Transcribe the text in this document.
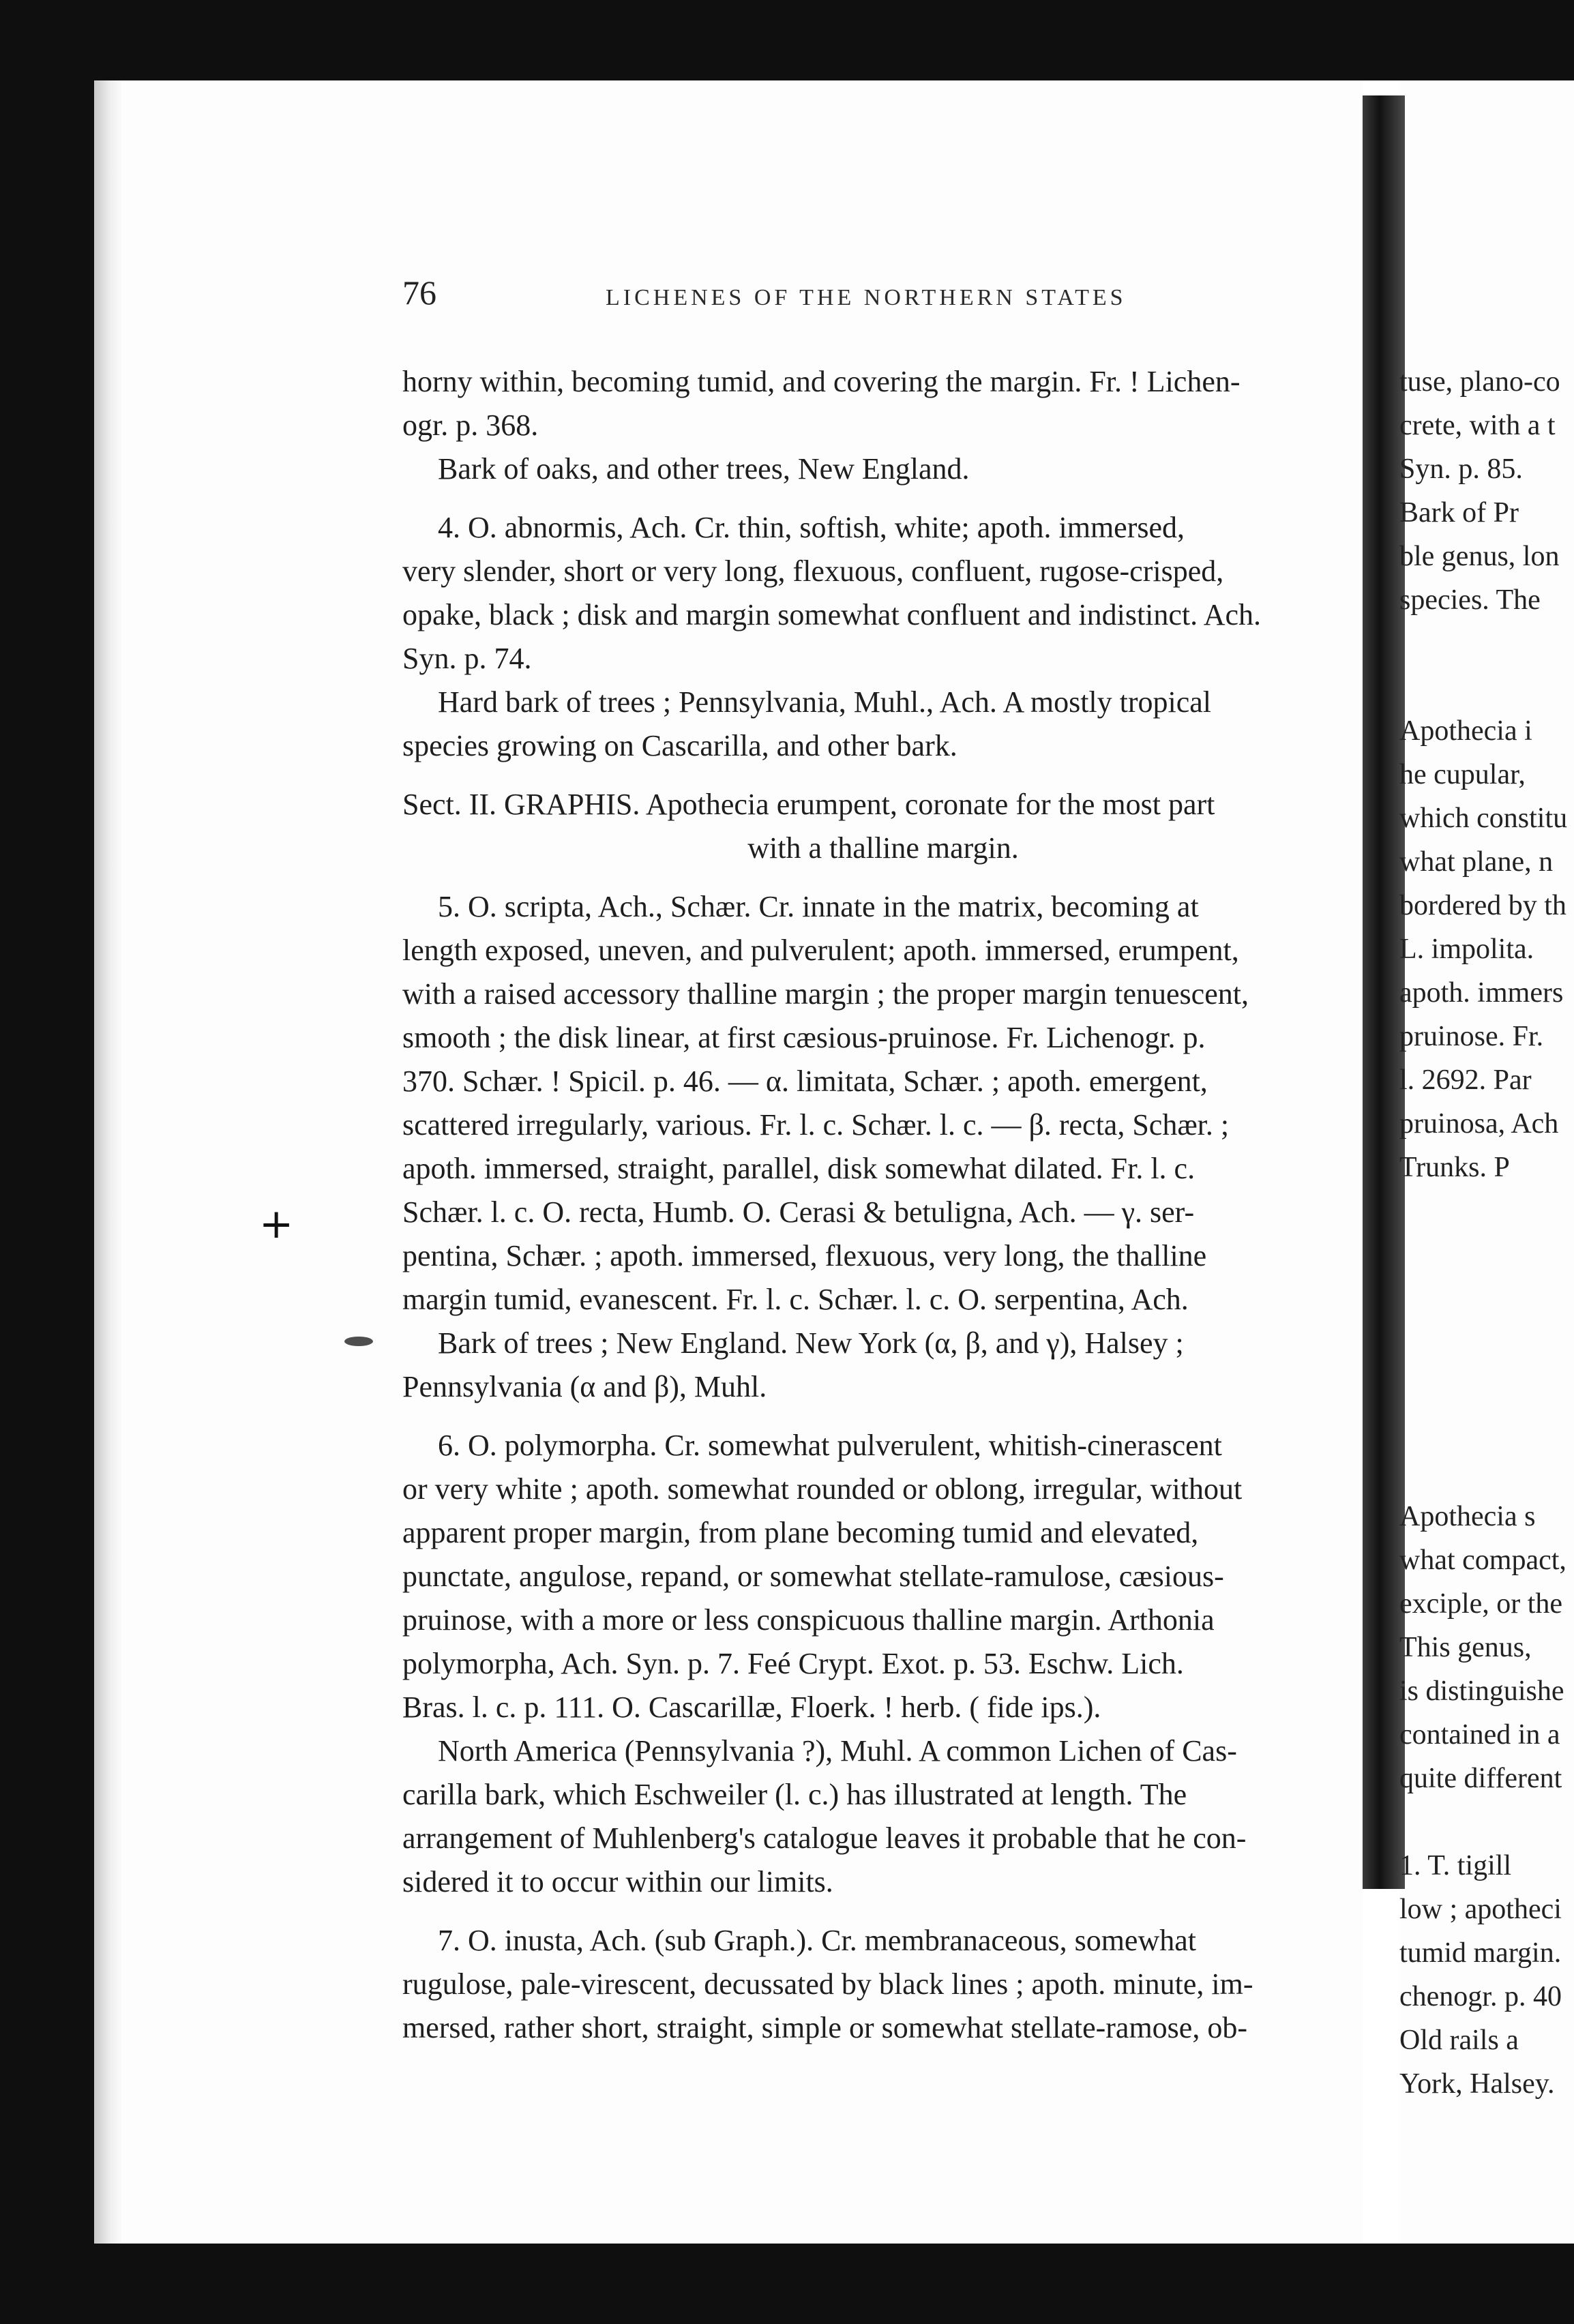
76	LICHENES OF THE NORTHERN STATES
horny within, becoming tumid, and covering the margin. Fr. ! Lichen-
ogr. p. 368.
Bark of oaks, and other trees, New England.
4. O. abnormis, Ach. Cr. thin, softish, white; apoth. immersed,
very slender, short or very long, flexuous, confluent, rugose-crisped,
opake, black ; disk and margin somewhat confluent and indistinct. Ach.
Syn. p. 74.
Hard bark of trees ; Pennsylvania, Muhl., Ach. A mostly tropical
species growing on Cascarilla, and other bark.
Sect. II. GRAPHIS. Apothecia erumpent, coronate for the most part
with a thalline margin.
5. O. scripta, Ach., Schær. Cr. innate in the matrix, becoming at
length exposed, uneven, and pulverulent; apoth. immersed, erumpent,
with a raised accessory thalline margin ; the proper margin tenuescent,
smooth ; the disk linear, at first cæsious-pruinose. Fr. Lichenogr. p.
370. Schær. ! Spicil. p. 46. — α. limitata, Schær. ; apoth. emergent,
scattered irregularly, various. Fr. l. c. Schær. l. c. — β. recta, Schær. ;
apoth. immersed, straight, parallel, disk somewhat dilated. Fr. l. c.
Schær. l. c. O. recta, Humb. O. Cerasi & betuligna, Ach. — γ. ser-
pentina, Schær. ; apoth. immersed, flexuous, very long, the thalline
margin tumid, evanescent. Fr. l. c. Schær. l. c. O. serpentina, Ach.
Bark of trees ; New England. New York (α, β, and γ), Halsey ;
Pennsylvania (α and β), Muhl.
6. O. polymorpha. Cr. somewhat pulverulent, whitish-cinerascent
or very white ; apoth. somewhat rounded or oblong, irregular, without
apparent proper margin, from plane becoming tumid and elevated,
punctate, angulose, repand, or somewhat stellate-ramulose, cæsious-
pruinose, with a more or less conspicuous thalline margin. Arthonia
polymorpha, Ach. Syn. p. 7. Feé Crypt. Exot. p. 53. Eschw. Lich.
Bras. l. c. p. 111. O. Cascarillæ, Floerk. ! herb. ( fide ips.).
North America (Pennsylvania ?), Muhl. A common Lichen of Cas-
carilla bark, which Eschweiler (l. c.) has illustrated at length. The
arrangement of Muhlenberg's catalogue leaves it probable that he con-
sidered it to occur within our limits.
7. O. inusta, Ach. (sub Graph.). Cr. membranaceous, somewhat
rugulose, pale-virescent, decussated by black lines ; apoth. minute, im-
mersed, rather short, straight, simple or somewhat stellate-ramose, ob-
tuse, plano-co
crete, with a t
Syn. p. 85.
Bark of Pr
ble genus, lon
species. The
Apothecia i
he cupular,
which constitu
what plane, n
bordered by th
L. impolita.
apoth. immers
pruinose. Fr.
l. 2692. Par
pruinosa, Ach
Trunks. P
Apothecia s
what compact,
exciple, or the
This genus,
is distinguishe
contained in a
quite different
1. T. tigill
low ; apotheci
tumid margin.
chenogr. p. 40
Old rails a
York, Halsey.
+
